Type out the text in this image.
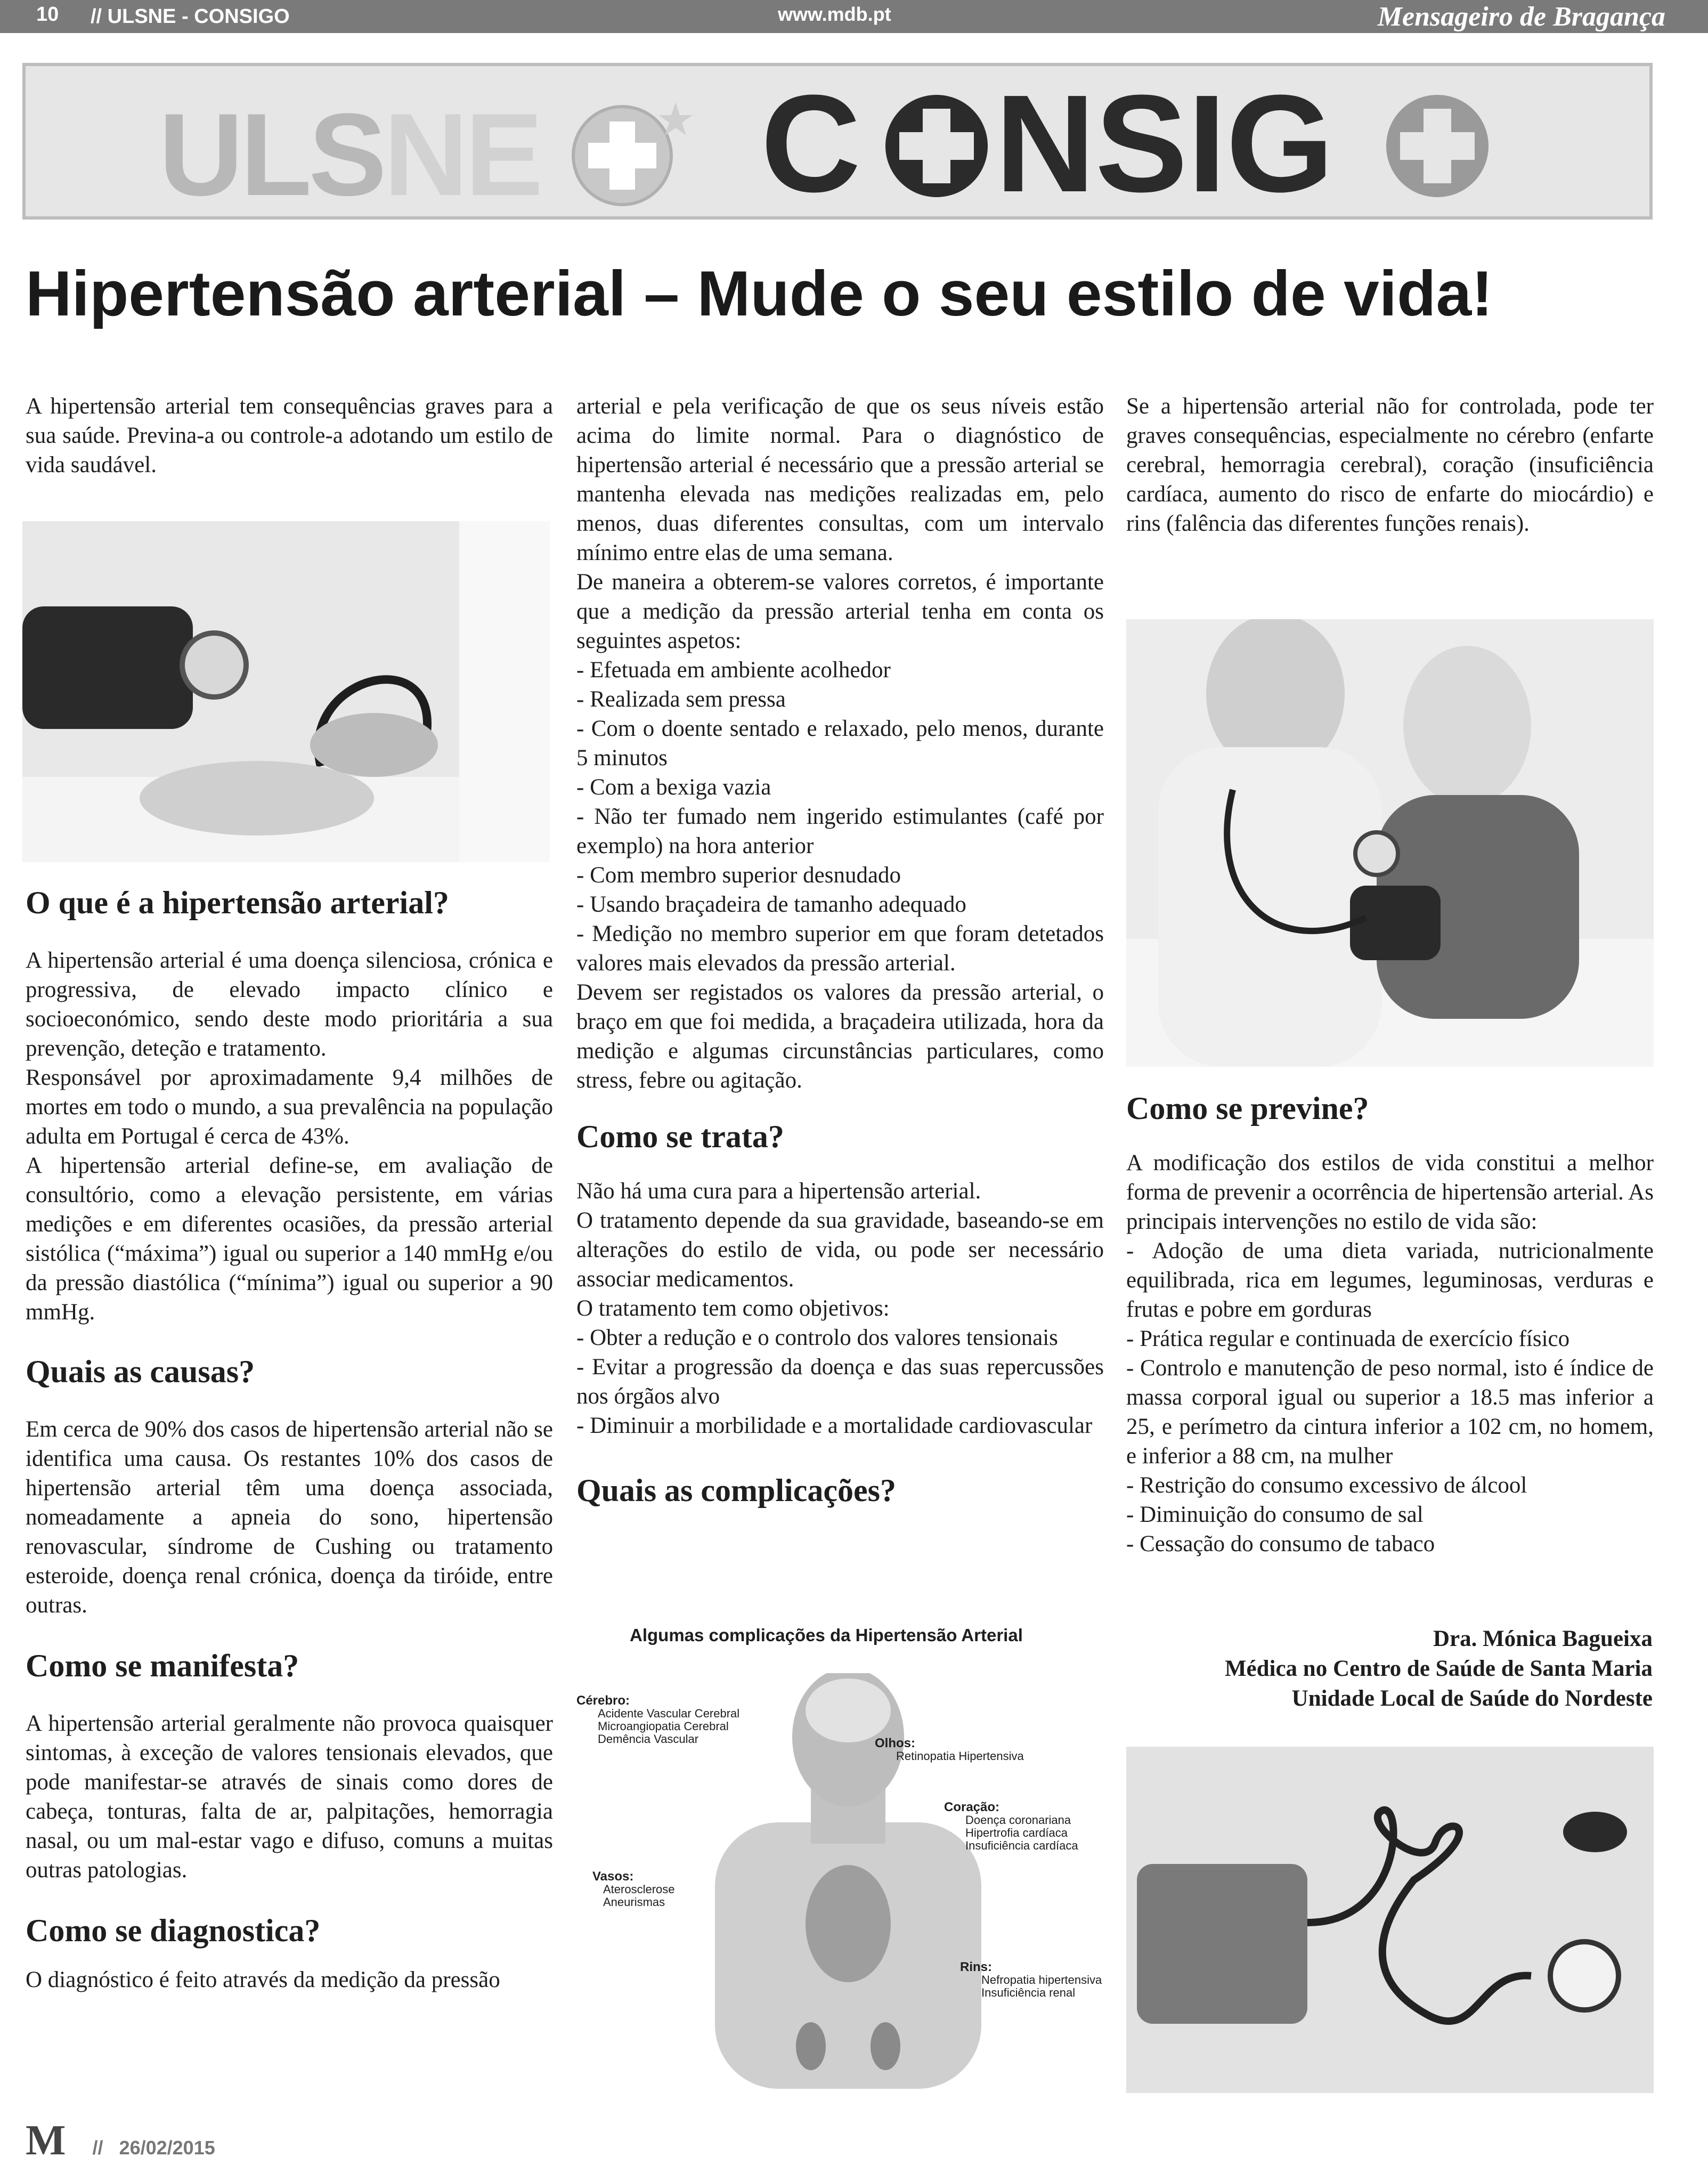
10 // ULSNE - CONSIGO	www.mdb.pt	Mensageiro de Bragança
ULSNE C NSIG
Hipertensão arterial – Mude o seu estilo de vida!

A hipertensão arterial tem consequências graves para a sua saúde. Previna-a ou controle-a adotando um estilo de vida saudável.

O que é a hipertensão arterial?

A hipertensão arterial é uma doença silenciosa, crónica e progressiva, de elevado impacto clínico e socioeconómico, sendo deste modo prioritária a sua prevenção, deteção e tratamento.

Responsável por aproximadamente 9,4 milhões de mortes em todo o mundo, a sua prevalência na população adulta em Portugal é cerca de 43%.

A hipertensão arterial define-se, em avaliação de consultório, como a elevação persistente, em várias medições e em diferentes ocasiões, da pressão arterial sistólica (“máxima”) igual ou superior a 140 mmHg e/ou da pressão diastólica (“mínima”) igual ou superior a 90 mmHg.

Quais as causas?

Em cerca de 90% dos casos de hipertensão arterial não se identifica uma causa. Os restantes 10% dos casos de hipertensão arterial têm uma doença associada, nomeadamente a apneia do sono, hipertensão renovascular, síndrome de Cushing ou tratamento esteroide, doença renal crónica, doença da tiróide, entre outras.

Como se manifesta?

A hipertensão arterial geralmente não provoca quaisquer sintomas, à exceção de valores tensionais elevados, que pode manifestar-se através de sinais como dores de cabeça, tonturas, falta de ar, palpitações, hemorragia nasal, ou um mal-estar vago e difuso, comuns a muitas outras patologias.

Como se diagnostica?

O diagnóstico é feito através da medição da pressão

arterial e pela verificação de que os seus níveis estão acima do limite normal. Para o diagnóstico de hipertensão arterial é necessário que a pressão arterial se mantenha elevada nas medições realizadas em, pelo menos, duas diferentes consultas, com um intervalo mínimo entre elas de uma semana.

De maneira a obterem-se valores corretos, é importante que a medição da pressão arterial tenha em conta os seguintes aspetos:

- Efetuada em ambiente acolhedor

- Realizada sem pressa

- Com o doente sentado e relaxado, pelo menos, durante 5 minutos

- Com a bexiga vazia

- Não ter fumado nem ingerido estimulantes (café por exemplo) na hora anterior

- Com membro superior desnudado

- Usando braçadeira de tamanho adequado

- Medição no membro superior em que foram detetados valores mais elevados da pressão arterial.

Devem ser registados os valores da pressão arterial, o braço em que foi medida, a braçadeira utilizada, hora da medição e algumas circunstâncias particulares, como stress, febre ou agitação.

Como se trata?

Não há uma cura para a hipertensão arterial.

O tratamento depende da sua gravidade, baseando-se em alterações do estilo de vida, ou pode ser necessário associar medicamentos.

O tratamento tem como objetivos:

- Obter a redução e o controlo dos valores tensionais

- Evitar a progressão da doença e das suas repercussões nos órgãos alvo

- Diminuir a morbilidade e a mortalidade cardiovascular

Quais as complicações?
Algumas complicações da Hipertensão Arterial
Cérebro:
Acidente Vascular Cerebral
Microangiopatia Cerebral
Demência Vascular	Olhos:
Retinopatia Hipertensiva
Coração:
Doença coronariana
Hipertrofia cardíaca
Insuficiência cardíaca
Vasos:
Aterosclerose
Aneurismas
Rins:
Nefropatia hipertensiva
Insuficiência renal

Se a hipertensão arterial não for controlada, pode ter graves consequências, especialmente no cérebro (enfarte cerebral, hemorragia cerebral), coração (insuficiência cardíaca, aumento do risco de enfarte do miocárdio) e rins (falência das diferentes funções renais).

Como se previne?

A modificação dos estilos de vida constitui a melhor forma de prevenir a ocorrência de hipertensão arterial. As principais intervenções no estilo de vida são:

- Adoção de uma dieta variada, nutricionalmente equilibrada, rica em legumes, leguminosas, verduras e frutas e pobre em gorduras

- Prática regular e continuada de exercício físico

- Controlo e manutenção de peso normal, isto é índice de massa corporal igual ou superior a 18.5 mas inferior a 25, e perímetro da cintura inferior a 102 cm, no homem, e inferior a 88 cm, na mulher

- Restrição do consumo excessivo de álcool

- Diminuição do consumo de sal

- Cessação do consumo de tabaco

Dra. Mónica Bagueixa
Médica no Centro de Saúde de Santa Maria
Unidade Local de Saúde do Nordeste
M // 26/02/2015
